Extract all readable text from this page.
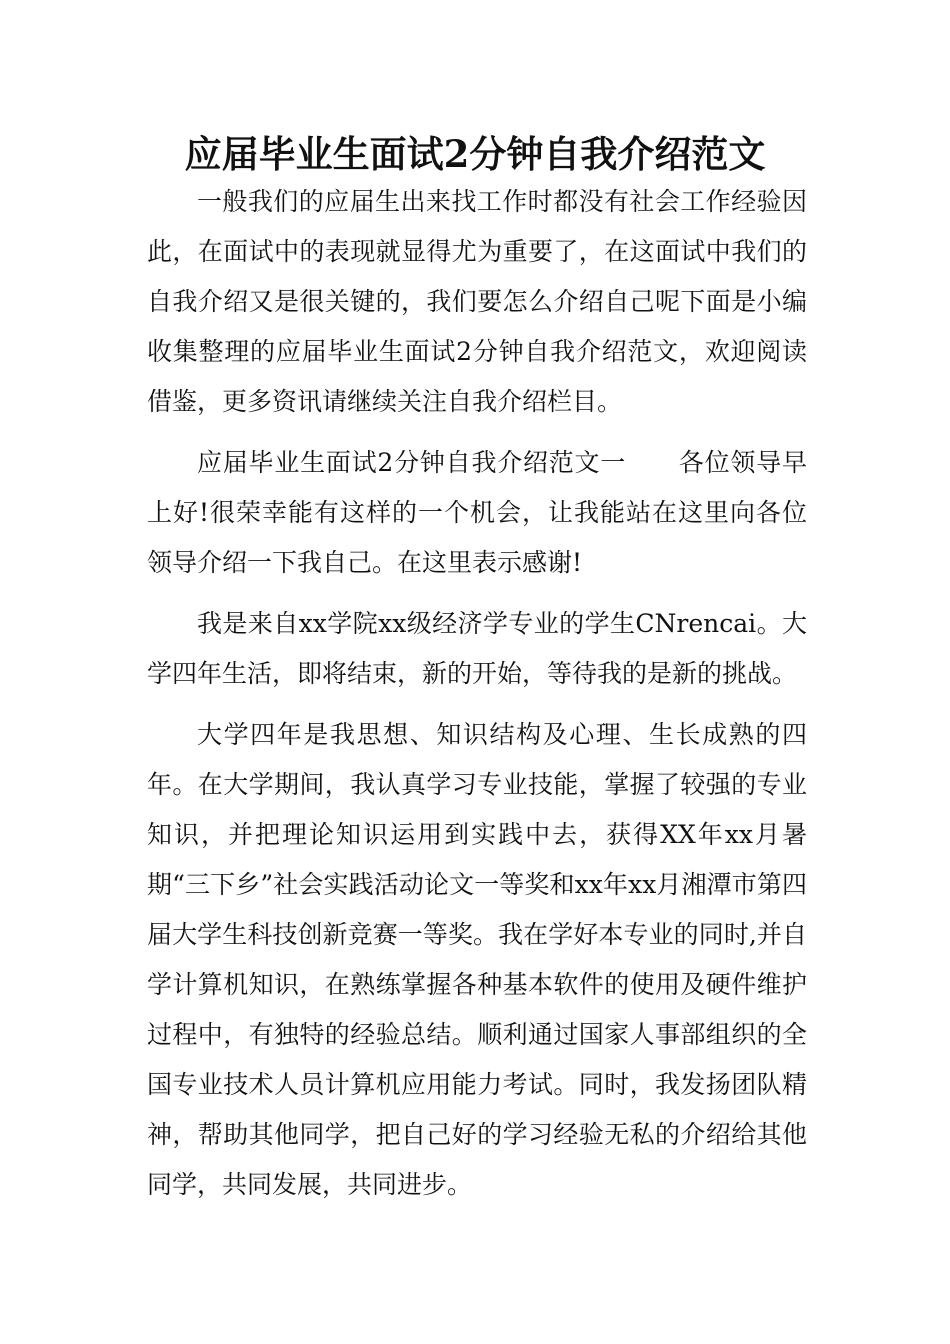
应届毕业生面试2分钟自我介绍范文

一般我们的应届生出来找工作时都没有社会工作经验因此，在面试中的表现就显得尤为重要了，在这面试中我们的自我介绍又是很关键的，我们要怎么介绍自己呢下面是小编收集整理的应届毕业生面试2分钟自我介绍范文，欢迎阅读借鉴，更多资讯请继续关注自我介绍栏目。

应届毕业生面试2分钟自我介绍范文一 各位领导早上好!很荣幸能有这样的一个机会，让我能站在这里向各位领导介绍一下我自己。在这里表示感谢!

我是来自xx学院xx级经济学专业的学生CNrencai。大学四年生活，即将结束，新的开始，等待我的是新的挑战。

大学四年是我思想、知识结构及心理、生长成熟的四年。在大学期间，我认真学习专业技能，掌握了较强的专业知识，并把理论知识运用到实践中去，获得XX年xx月暑期“三下乡”社会实践活动论文一等奖和xx年xx月湘潭市第四届大学生科技创新竞赛一等奖。我在学好本专业的同时,并自学计算机知识，在熟练掌握各种基本软件的使用及硬件维护过程中，有独特的经验总结。顺利通过国家人事部组织的全国专业技术人员计算机应用能力考试。同时，我发扬团队精神，帮助其他同学，把自己好的学习经验无私的介绍给其他同学，共同发展，共同进步。
